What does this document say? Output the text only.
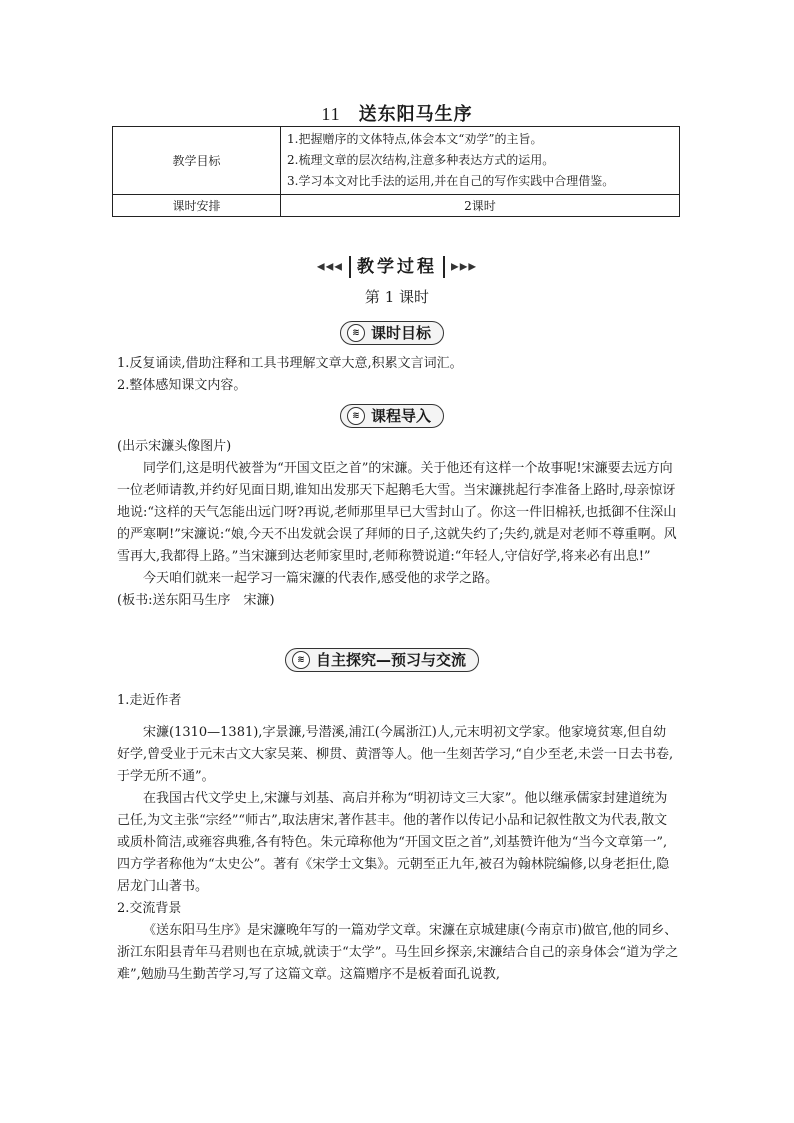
11 送东阳马生序
教学目标	1.把握赠序的文体特点,体会本文“劝学”的主旨。
2.梳理文章的层次结构,注意多种表达方式的运用。
3.学习本文对比手法的运用,并在自己的写作实践中合理借鉴。

课时安排	2课时
◀◀◀ 教学过程 ▶▶▶
第 1 课时
≋ 课时目标

1.反复诵读,借助注释和工具书理解文章大意,积累文言词汇。

2.整体感知课文内容。

≋ 课程导入

(出示宋濂头像图片)

同学们,这是明代被誉为“开国文臣之首”的宋濂。关于他还有这样一个故事呢!宋濂要去远方向一位老师请教,并约好见面日期,谁知出发那天下起鹅毛大雪。当宋濂挑起行李准备上路时,母亲惊讶地说:“这样的天气怎能出远门呀?再说,老师那里早已大雪封山了。你这一件旧棉袄,也抵御不住深山的严寒啊!”宋濂说:“娘,今天不出发就会误了拜师的日子,这就失约了;失约,就是对老师不尊重啊。风雪再大,我都得上路。”当宋濂到达老师家里时,老师称赞说道:“年轻人,守信好学,将来必有出息!”

今天咱们就来一起学习一篇宋濂的代表作,感受他的求学之路。

(板书:送东阳马生序　宋濂)

≋ 自主探究—预习与交流

1.走近作者

宋濂(1310—1381),字景濂,号潜溪,浦江(今属浙江)人,元末明初文学家。他家境贫寒,但自幼好学,曾受业于元末古文大家吴莱、柳贯、黄溍等人。他一生刻苦学习,“自少至老,未尝一日去书卷,于学无所不通”。

在我国古代文学史上,宋濂与刘基、高启并称为“明初诗文三大家”。他以继承儒家封建道统为己任,为文主张“宗经”“师古”,取法唐宋,著作甚丰。他的著作以传记小品和记叙性散文为代表,散文或质朴简洁,或雍容典雅,各有特色。朱元璋称他为“开国文臣之首”,刘基赞许他为“当今文章第一”,四方学者称他为“太史公”。著有《宋学士文集》。元朝至正九年,被召为翰林院编修,以身老拒仕,隐居龙门山著书。

2.交流背景

《送东阳马生序》是宋濂晚年写的一篇劝学文章。宋濂在京城建康(今南京市)做官,他的同乡、浙江东阳县青年马君则也在京城,就读于“太学”。马生回乡探亲,宋濂结合自己的亲身体会“道为学之难”,勉励马生勤苦学习,写了这篇文章。这篇赠序不是板着面孔说教,
